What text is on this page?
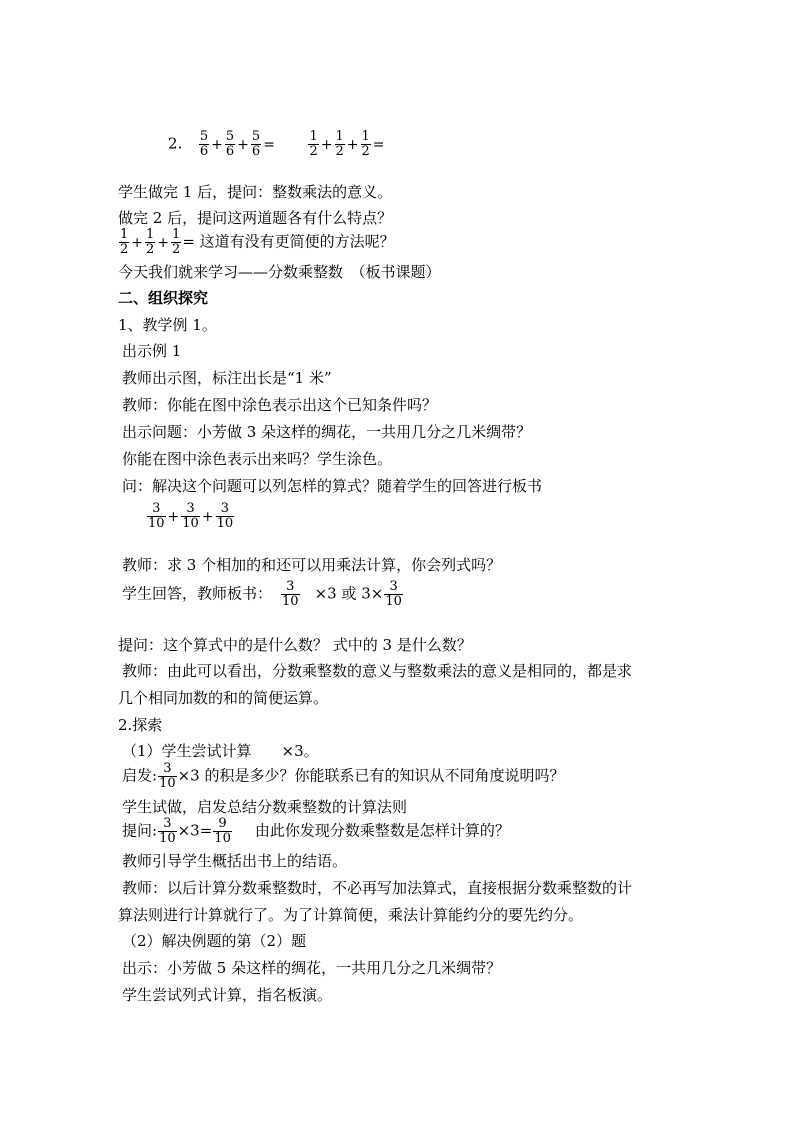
2. $\frac{5}{6} + \frac{5}{6} + \frac{5}{6}$ =	$\frac{1}{2} + \frac{1}{2} + \frac{1}{2}$ =
学生做完 1 后，提问：整数乘法的意义。
做完 2 后，提问这两道题各有什么特点？
$\frac{1}{2} + \frac{1}{2} + \frac{1}{2}$ = 这道有没有更简便的方法呢？
今天我们就来学习——分数乘整数　（板书课题）
二、组织探究
1、教学例 1。
出示例 1
教师出示图，标注出长是“1 米”
教师：你能在图中涂色表示出这个已知条件吗？
出示问题：小芳做 3 朵这样的绸花，一共用几分之几米绸带？
你能在图中涂色表示出来吗？学生涂色。
问：解决这个问题可以列怎样的算式？随着学生的回答进行板书
$\frac{3}{10} + \frac{3}{10} + \frac{3}{10}$
教师：求 3 个相加的和还可以用乘法计算，你会列式吗？
学生回答，教师板书： $\frac{3}{10} \times 3$ 或 $3\times \frac{3}{10}$
提问：这个算式中的是什么数？ 式中的 3 是什么数？
教师：由此可以看出，分数乘整数的意义与整数乘法的意义是相同的，都是求
几个相同加数的和的简便运算。
2.探索
（1）学生尝试计算　　×3。
启发: $\frac{3}{10} \times 3$ 的积是多少？你能联系已有的知识从不同角度说明吗？
学生试做，启发总结分数乘整数的计算法则
提问: $\frac{3}{10} \times 3= \frac{9}{10}$ 由此你发现分数乘整数是怎样计算的？
教师引导学生概括出书上的结语。
教师：以后计算分数乘整数时，不必再写加法算式，直接根据分数乘整数的计
算法则进行计算就行了。为了计算简便，乘法计算能约分的要先约分。
（2）解决例题的第（2）题
出示：小芳做 5 朵这样的绸花，一共用几分之几米绸带？
学生尝试列式计算，指名板演。
